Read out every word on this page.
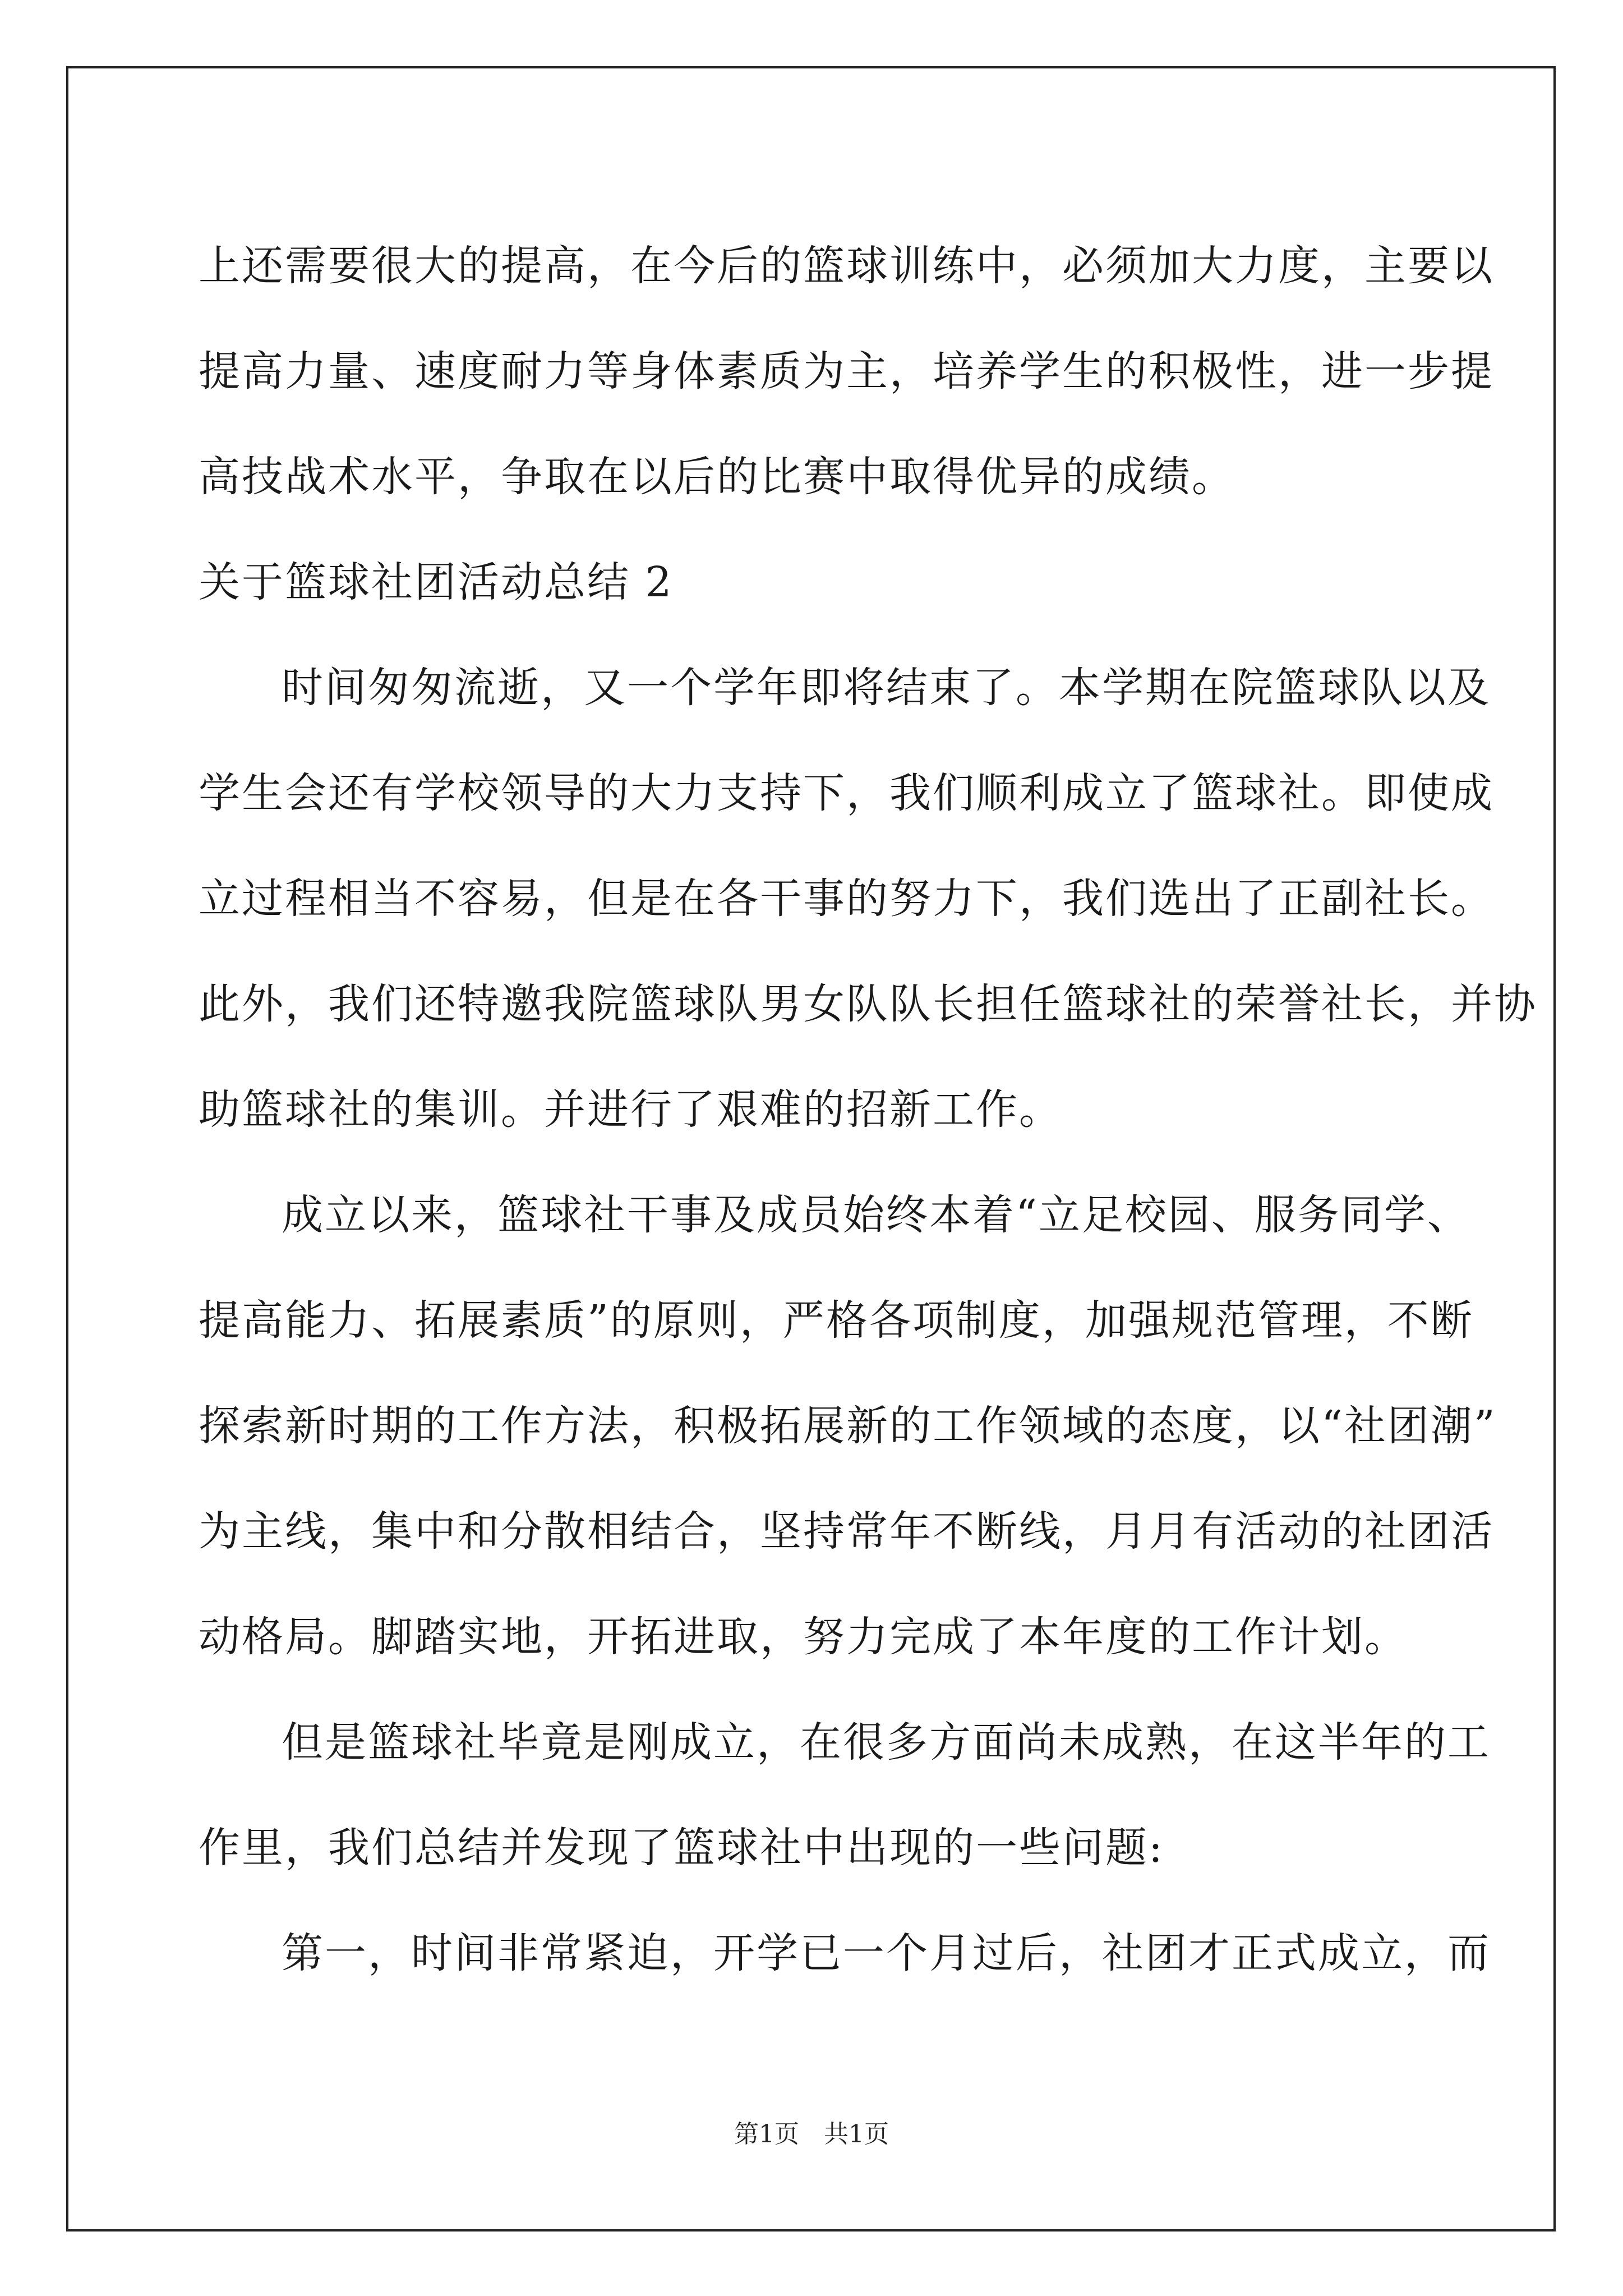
上 还 需 要 很 大 的 提 高 ， 在 今 后 的 篮 球 训 练 中 ， 必 须 加 大 力 度 ， 主 要 以
提 高 力 量 、 速 度 耐 力 等 身 体 素 质 为 主 ， 培 养 学 生 的 积 极 性 ， 进 一 步 提
高技战术水平，争取在以后的比赛中取得优异的成绩。
关于篮球社团活动总结 2
时 间 匆 匆 流 逝 ， 又 一 个 学 年 即 将 结 束 了 。 本 学 期 在 院 篮 球 队 以 及
学 生 会 还 有 学 校 领 导 的 大 力 支 持 下 ， 我 们 顺 利 成 立 了 篮 球 社 。 即 使 成
立 过 程 相 当 不 容 易 ， 但 是 在 各 干 事 的 努 力 下 ， 我 们 选 出 了 正 副 社 长 。
此 外 ， 我 们 还 特 邀 我 院 篮 球 队 男 女 队 队 长 担 任 篮 球 社 的 荣 誉 社 长 ， 并 协
助篮球社的集训。并进行了艰难的招新工作。
成 立 以 来 ， 篮 球 社 干 事 及 成 员 始 终 本 着 “ 立 足 校 园 、 服 务 同 学 、
提 高 能 力 、 拓 展 素 质 ” 的 原 则 ， 严 格 各 项 制 度 ， 加 强 规 范 管 理 ， 不 断
探 索 新 时 期 的 工 作 方 法 ， 积 极 拓 展 新 的 工 作 领 域 的 态 度 ， 以 “ 社 团 潮 ”
为 主 线 ， 集 中 和 分 散 相 结 合 ， 坚 持 常 年 不 断 线 ， 月 月 有 活 动 的 社 团 活
动格局。脚踏实地，开拓进取，努力完成了本年度的工作计划。
但 是 篮 球 社 毕 竟 是 刚 成 立 ， 在 很 多 方 面 尚 未 成 熟 ， 在 这 半 年 的 工
作里，我们总结并发现了篮球社中出现的一些问题:
第 一 ， 时 间 非 常 紧 迫 ， 开 学 已 一 个 月 过 后 ， 社 团 才 正 式 成 立 ， 而
第1页　共1页
